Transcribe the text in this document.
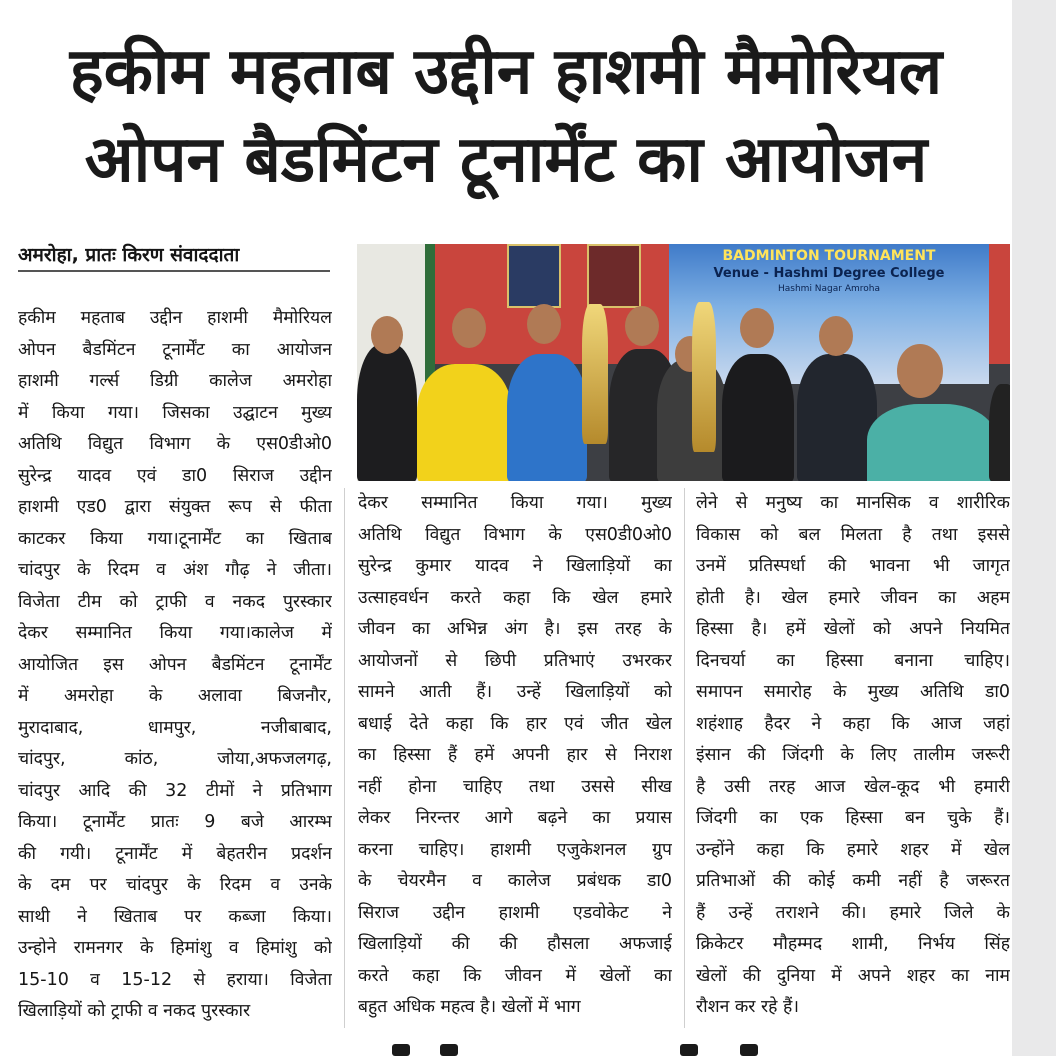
हकीम महताब उद्दीन हाशमी मैमोरियल
ओपन बैडमिंटन टूनार्मेंट का आयोजन
अमरोहा, प्रातः किरण संवाददाता	BADMINTON TOURNAMENT
Venue - Hashmi Degree College
Hashmi Nagar Amroha
हकीम महताब उद्दीन हाशमी मैमोरियल
ओपन बैडमिंटन टूनार्मेंट का आयोजन
हाशमी गर्ल्स डिग्री कालेज अमरोहा
में किया गया। जिसका उद्घाटन मुख्य
अतिथि विद्युत विभाग के एस0डीओ0
सुरेन्द्र यादव एवं डा0 सिराज उद्दीन
हाशमी एड0 द्वारा संयुक्त रूप से फीता
काटकर किया गया।टूनार्मेंट का खिताब
चांदपुर के रिदम व अंश गौढ़ ने जीता।
विजेता टीम को ट्राफी व नकद पुरस्कार
देकर सम्मानित किया गया।कालेज में
आयोजित इस ओपन बैडमिंटन टूनार्मेंट
में अमरोहा के अलावा बिजनौर,
मुरादाबाद, धामपुर, नजीबाबाद,
चांदपुर, कांठ, जोया,अफजलगढ़,
चांदपुर आदि की 32 टीमों ने प्रतिभाग
किया। टूनार्मेंट प्रातः 9 बजे आरम्भ
की गयी। टूनार्मेंट में बेहतरीन प्रदर्शन
के दम पर चांदपुर के रिदम व उनके
साथी ने खिताब पर कब्जा किया।
उन्होने रामनगर के हिमांशु व हिमांशु को
15-10 व 15-12 से हराया। विजेता
खिलाड़ियों को ट्राफी व नकद पुरस्कार
देकर सम्मानित किया गया। मुख्य
अतिथि विद्युत विभाग के एस0डी0ओ0
सुरेन्द्र कुमार यादव ने खिलाड़ियों का
उत्साहवर्धन करते कहा कि खेल हमारे
जीवन का अभिन्न अंग है। इस तरह के
आयोजनों से छिपी प्रतिभाएं उभरकर
सामने आती हैं। उन्हें खिलाड़ियों को
बधाई देते कहा कि हार एवं जीत खेल
का हिस्सा हैं हमें अपनी हार से निराश
नहीं होना चाहिए तथा उससे सीख
लेकर निरन्तर आगे बढ़ने का प्रयास
करना चाहिए। हाशमी एजुकेशनल ग्रुप
के चेयरमैन व कालेज प्रबंधक डा0
सिराज उद्दीन हाशमी एडवोकेट ने
खिलाड़ियों की की हौसला अफजाई
करते कहा कि जीवन में खेलों का
बहुत अधिक महत्व है। खेलों में भाग
लेने से मनुष्य का मानसिक व शारीरिक
विकास को बल मिलता है तथा इससे
उनमें प्रतिस्पर्धा की भावना भी जागृत
होती है। खेल हमारे जीवन का अहम
हिस्सा है। हमें खेलों को अपने नियमित
दिनचर्या का हिस्सा बनाना चाहिए।
समापन समारोह के मुख्य अतिथि डा0
शहंशाह हैदर ने कहा कि आज जहां
इंसान की जिंदगी के लिए तालीम जरूरी
है उसी तरह आज खेल-कूद भी हमारी
जिंदगी का एक हिस्सा बन चुके हैं।
उन्होंने कहा कि हमारे शहर में खेल
प्रतिभाओं की कोई कमी नहीं है जरूरत
हैं उन्हें तराशने की। हमारे जिले के
क्रिकेटर मौहम्मद शामी, निर्भय सिंह
खेलों की दुनिया में अपने शहर का नाम
रौशन कर रहे हैं।
